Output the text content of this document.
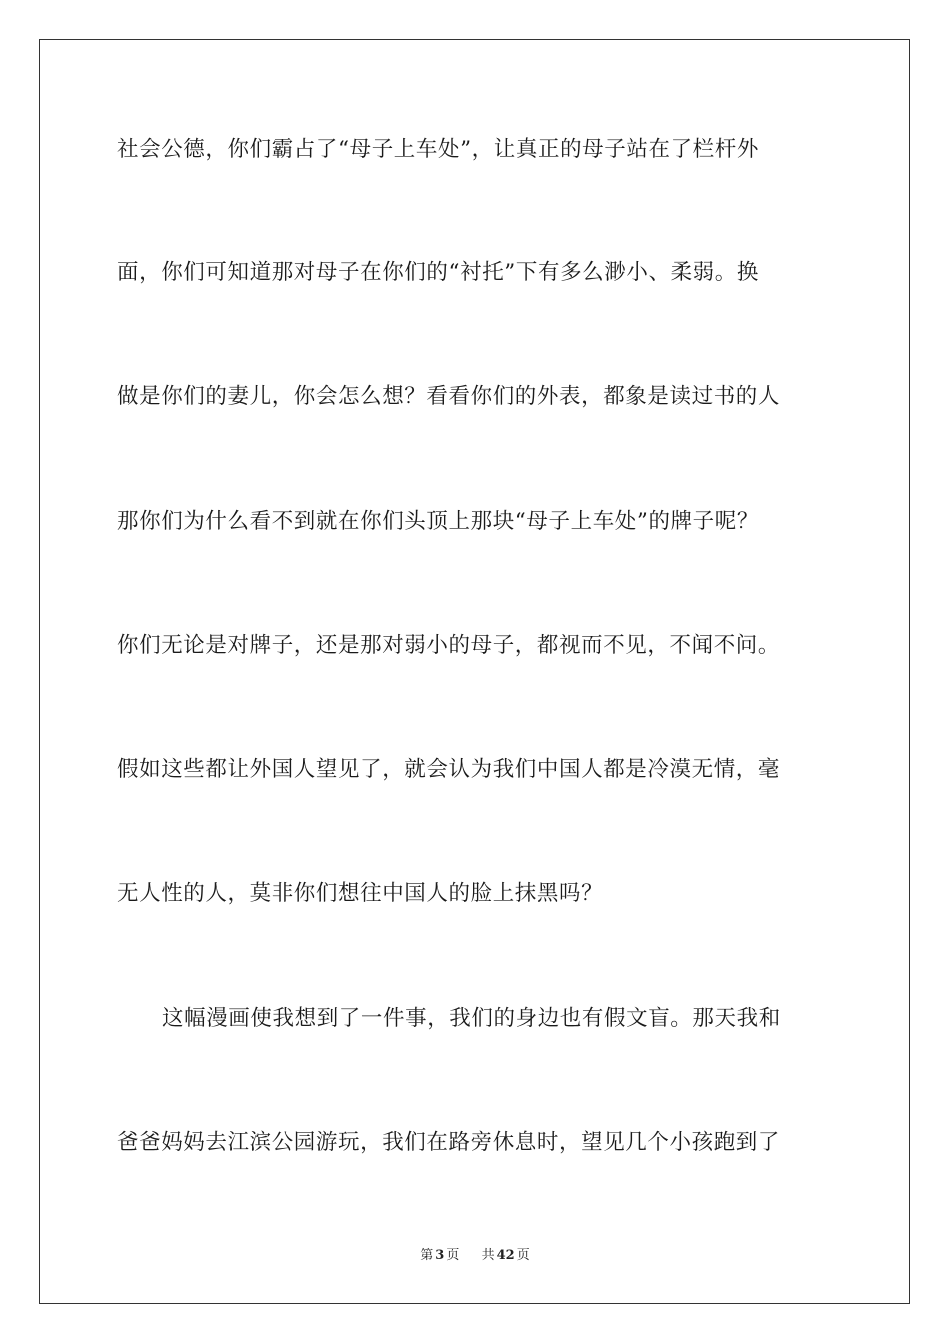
社会公德，你们霸占了“母子上车处”，让真正的母子站在了栏杆外
面，你们可知道那对母子在你们的“衬托”下有多么渺小、柔弱。换
做是你们的妻儿，你会怎么想？看看你们的外表，都象是读过书的人
那你们为什么看不到就在你们头顶上那块“母子上车处”的牌子呢？
你们无论是对牌子，还是那对弱小的母子，都视而不见，不闻不问。
假如这些都让外国人望见了，就会认为我们中国人都是冷漠无情，毫
无人性的人，莫非你们想往中国人的脸上抹黑吗？
这幅漫画使我想到了一件事，我们的身边也有假文盲。那天我和
爸爸妈妈去江滨公园游玩，我们在路旁休息时，望见几个小孩跑到了
第 3 页 共 42 页
